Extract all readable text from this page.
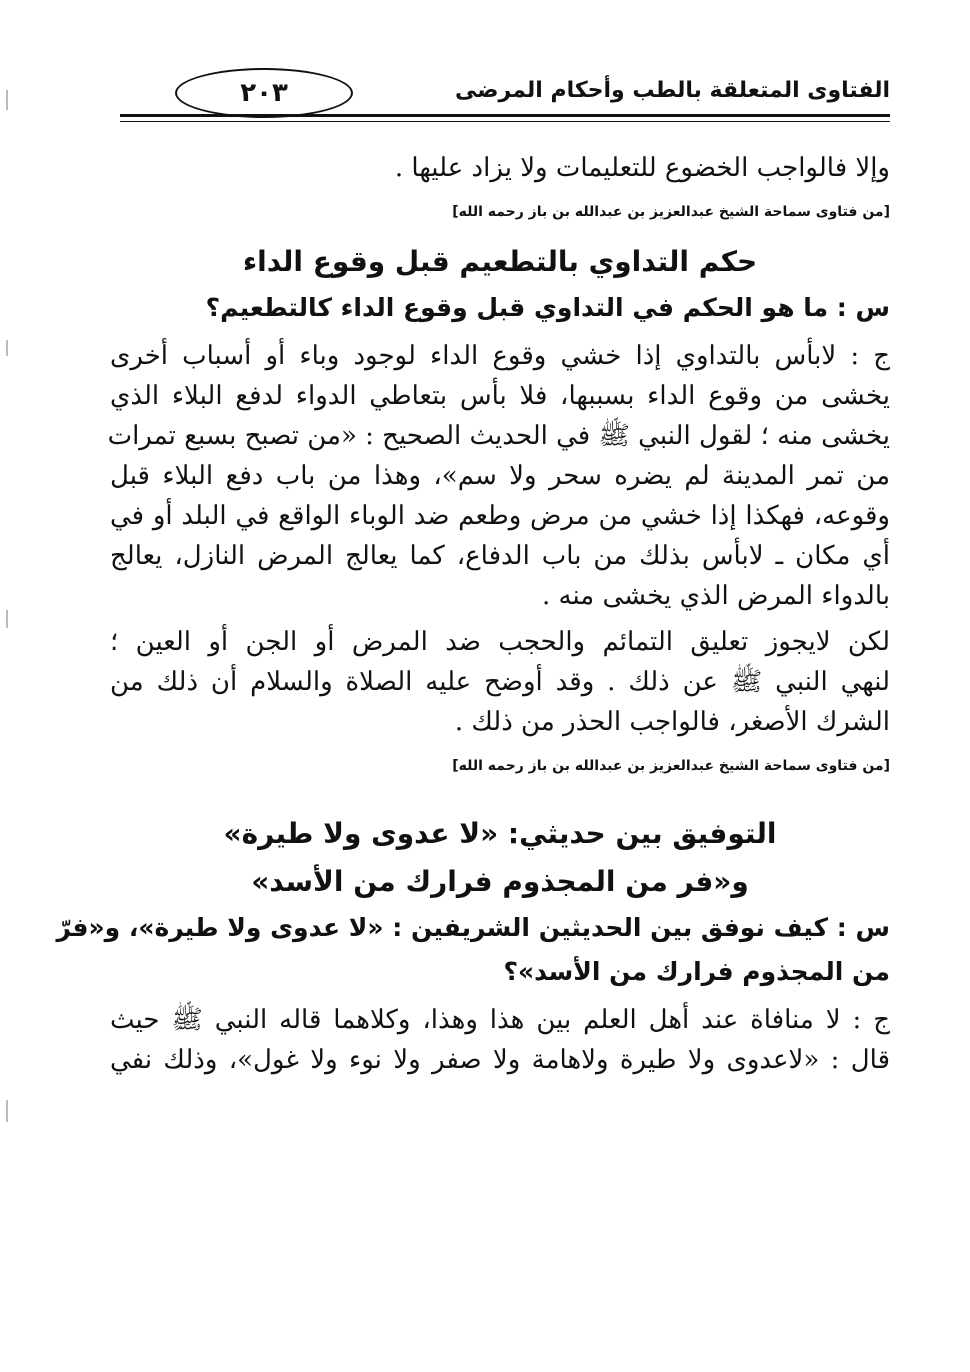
الفتاوى المتعلقة بالطب وأحكام المرضى
٢٠٣
وإلا فالواجب الخضوع للتعليمات ولا يزاد عليها .
[من فتاوى سماحة الشيخ عبدالعزيز بن عبدالله بن باز رحمه الله]
حكم التداوي بالتطعيم قبل وقوع الداء
س : ما هو الحكم في التداوي قبل وقوع الداء كالتطعيم؟
ج : لابأس بالتداوي إذا خشي وقوع الداء لوجود وباء أو أسباب أخرى
يخشى من وقوع الداء بسببها، فلا بأس بتعاطي الدواء لدفع البلاء الذي
يخشى منه ؛ لقول النبي ﷺ في الحديث الصحيح : «من تصبح بسبع تمرات
من تمر المدينة لم يضره سحر ولا سم»، وهذا من باب دفع البلاء قبل
وقوعه، فهكذا إذا خشي من مرض وطعم ضد الوباء الواقع في البلد أو في
أي مكان ـ لابأس بذلك من باب الدفاع، كما يعالج المرض النازل، يعالج
بالدواء المرض الذي يخشى منه .
لكن لايجوز تعليق التمائم والحجب ضد المرض أو الجن أو العين ؛
لنهي النبي ﷺ عن ذلك . وقد أوضح عليه الصلاة والسلام أن ذلك من
الشرك الأصغر، فالواجب الحذر من ذلك .
[من فتاوى سماحة الشيخ عبدالعزيز بن عبدالله بن باز رحمه الله]
التوفيق بين حديثي: «لا عدوى ولا طيرة»
و«فر من المجذوم فرارك من الأسد»
س : كيف نوفق بين الحديثين الشريفين : «لا عدوى ولا طيرة»، و«فرّ
من المجذوم فرارك من الأسد»؟
ج : لا منافاة عند أهل العلم بين هذا وهذا، وكلاهما قاله النبي ﷺ حيث
قال : «لاعدوى ولا طيرة ولاهامة ولا صفر ولا نوء ولا غول»، وذلك نفي
